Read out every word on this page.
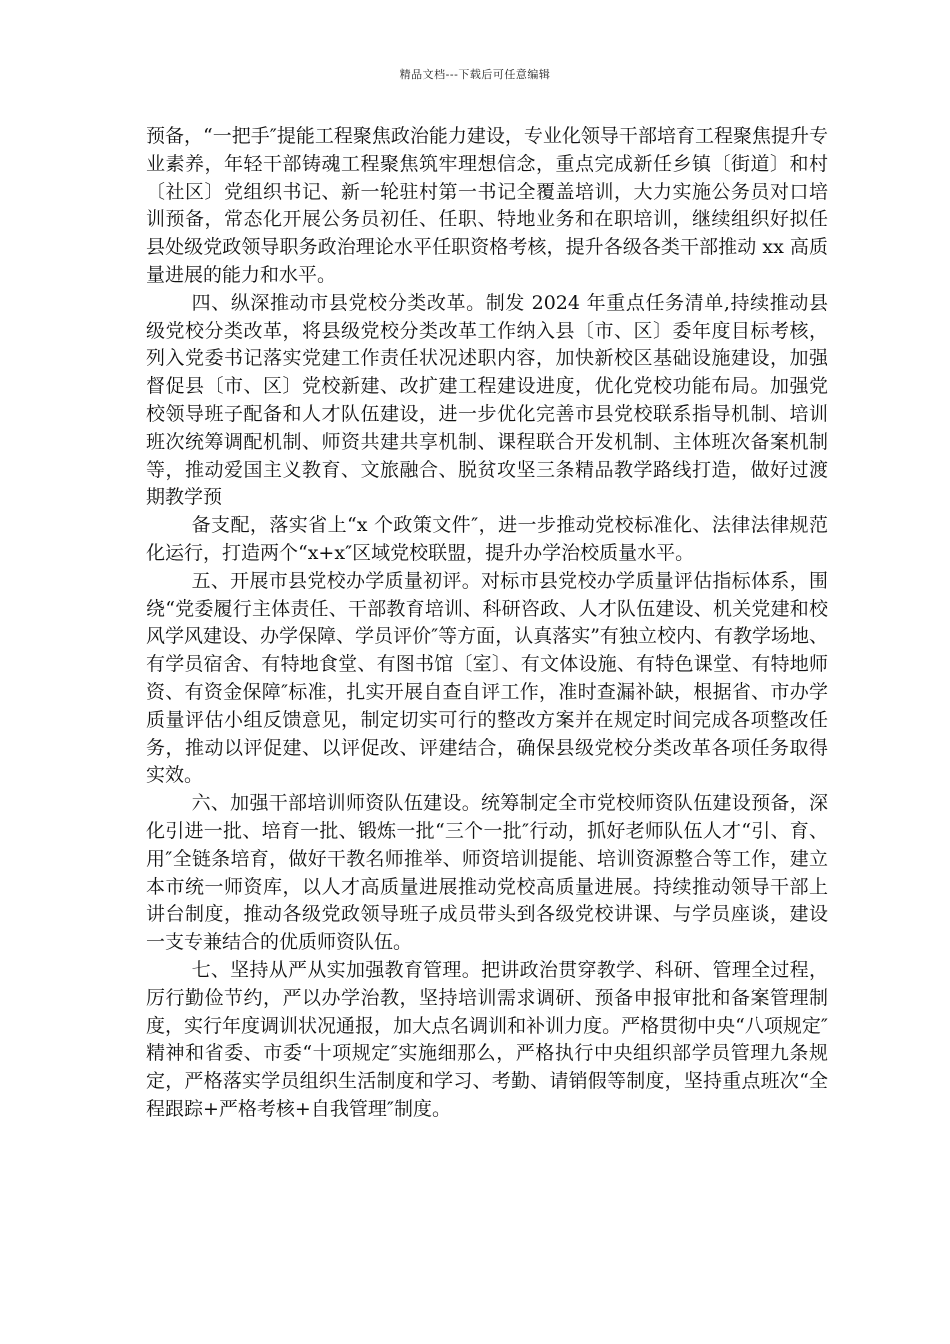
精品文档---下载后可任意编辑

预备，“一把手″提能工程聚焦政治能力建设，专业化领导干部培育工程聚焦提升专业素养，年轻干部铸魂工程聚焦筑牢理想信念，重点完成新任乡镇〔街道〕和村〔社区〕党组织书记、新一轮驻村第一书记全覆盖培训，大力实施公务员对口培训预备，常态化开展公务员初任、任职、特地业务和在职培训，继续组织好拟任县处级党政领导职务政治理论水平任职资格考核，提升各级各类干部推动 xx 高质量进展的能力和水平。

四、纵深推动市县党校分类改革。制发 2024 年重点任务清单,持续推动县级党校分类改革，将县级党校分类改革工作纳入县〔市、区〕委年度目标考核，列入党委书记落实党建工作责任状况述职内容，加快新校区基础设施建设，加强督促县〔市、区〕党校新建、改扩建工程建设进度，优化党校功能布局。加强党校领导班子配备和人才队伍建设，进一步优化完善市县党校联系指导机制、培训班次统筹调配机制、师资共建共享机制、课程联合开发机制、主体班次备案机制等，推动爱国主义教育、文旅融合、脱贫攻坚三条精品教学路线打造，做好过渡期教学预

备支配，落实省上“x 个政策文件″，进一步推动党校标准化、法律法律规范化运行，打造两个“x+x″区域党校联盟，提升办学治校质量水平。

五、开展市县党校办学质量初评。对标市县党校办学质量评估指标体系，围绕“党委履行主体责任、干部教育培训、科研咨政、人才队伍建设、机关党建和校风学风建设、办学保障、学员评价″等方面，认真落实”有独立校内、有教学场地、有学员宿舍、有特地食堂、有图书馆〔室〕、有文体设施、有特色课堂、有特地师资、有资金保障″标准，扎实开展自查自评工作，准时查漏补缺，根据省、市办学质量评估小组反馈意见，制定切实可行的整改方案并在规定时间完成各项整改任务，推动以评促建、以评促改、评建结合，确保县级党校分类改革各项任务取得实效。

六、加强干部培训师资队伍建设。统筹制定全市党校师资队伍建设预备，深化引进一批、培育一批、锻炼一批“三个一批″行动，抓好老师队伍人才“引、育、用″全链条培育，做好干教名师推举、师资培训提能、培训资源整合等工作，建立本市统一师资库，以人才高质量进展推动党校高质量进展。持续推动领导干部上讲台制度，推动各级党政领导班子成员带头到各级党校讲课、与学员座谈，建设一支专兼结合的优质师资队伍。

七、坚持从严从实加强教育管理。把讲政治贯穿教学、科研、管理全过程，厉行勤俭节约，严以办学治教，坚持培训需求调研、预备申报审批和备案管理制度，实行年度调训状况通报，加大点名调训和补训力度。严格贯彻中央“八项规定″精神和省委、市委“十项规定″实施细那么，严格执行中央组织部学员管理九条规定，严格落实学员组织生活制度和学习、考勤、请销假等制度，坚持重点班次“全程跟踪+严格考核+自我管理″制度。
